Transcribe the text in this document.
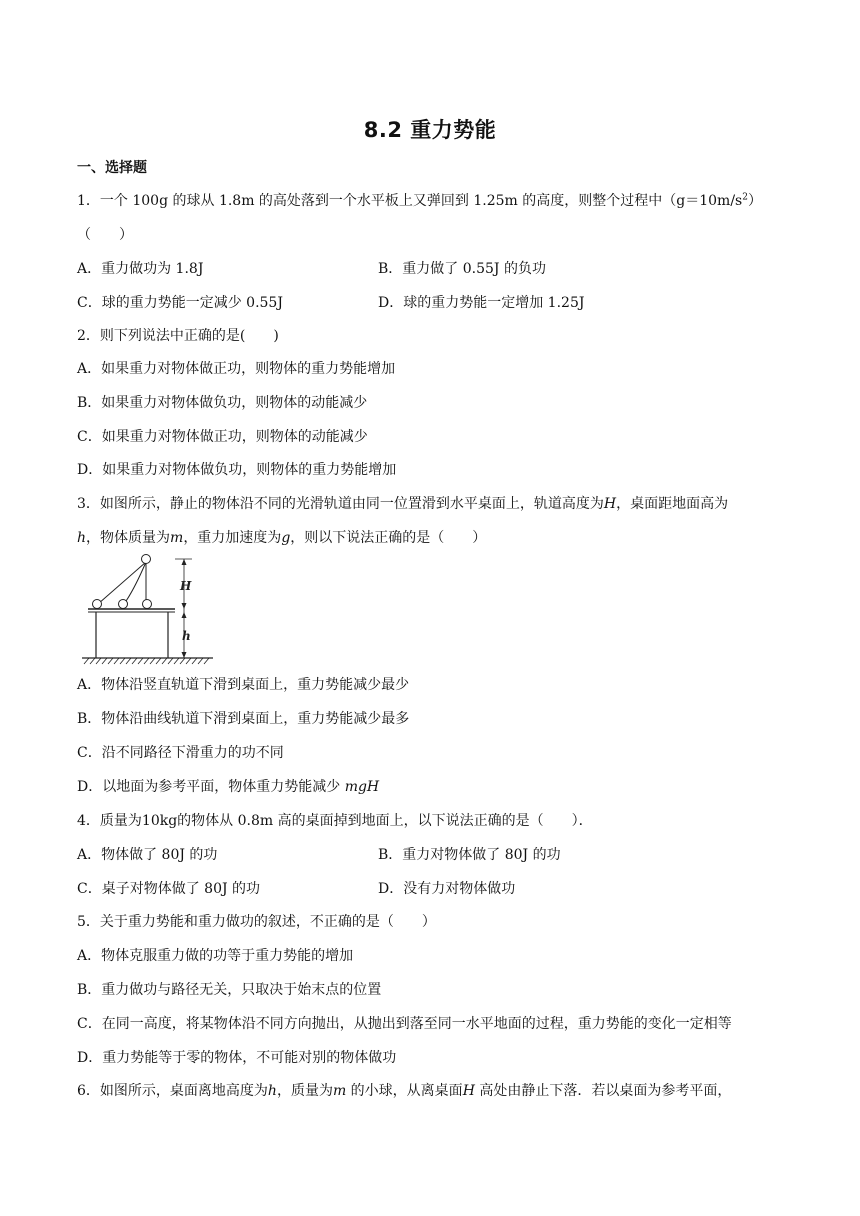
8.2 重力势能
一、选择题
1．一个 100g 的球从 1.8m 的高处落到一个水平板上又弹回到 1.25m 的高度，则整个过程中$(g=10m/s^2)$
（　　）
A．重力做功为 1.8J	B．重力做了 0.55J 的负功
C．球的重力势能一定减少 0.55J	D．球的重力势能一定增加 1.25J
2．则下列说法中正确的是(　　)
A．如果重力对物体做正功，则物体的重力势能增加
B．如果重力对物体做负功，则物体的动能减少
C．如果重力对物体做正功，则物体的动能减少
D．如果重力对物体做负功，则物体的重力势能增加
3．如图所示，静止的物体沿不同的光滑轨道由同一位置滑到水平桌面上，轨道高度为H，桌面距地面高为
h，物体质量为m，重力加速度为g，则以下说法正确的是（　　）
H
h
A．物体沿竖直轨道下滑到桌面上，重力势能减少最少
B．物体沿曲线轨道下滑到桌面上，重力势能减少最多
C．沿不同路径下滑重力的功不同
D．以地面为参考平面，物体重力势能减少 mgH
4．质量为10kg的物体从 0.8m 高的桌面掉到地面上，以下说法正确的是（　　）．
A．物体做了 80J 的功	B．重力对物体做了 80J 的功
C．桌子对物体做了 80J 的功	D．没有力对物体做功
5．关于重力势能和重力做功的叙述，不正确的是（　　）
A．物体克服重力做的功等于重力势能的增加
B．重力做功与路径无关，只取决于始末点的位置
C．在同一高度，将某物体沿不同方向抛出，从抛出到落至同一水平地面的过程，重力势能的变化一定相等
D．重力势能等于零的物体，不可能对别的物体做功
6．如图所示，桌面离地高度为h，质量为m 的小球，从离桌面H 高处由静止下落．若以桌面为参考平面，
